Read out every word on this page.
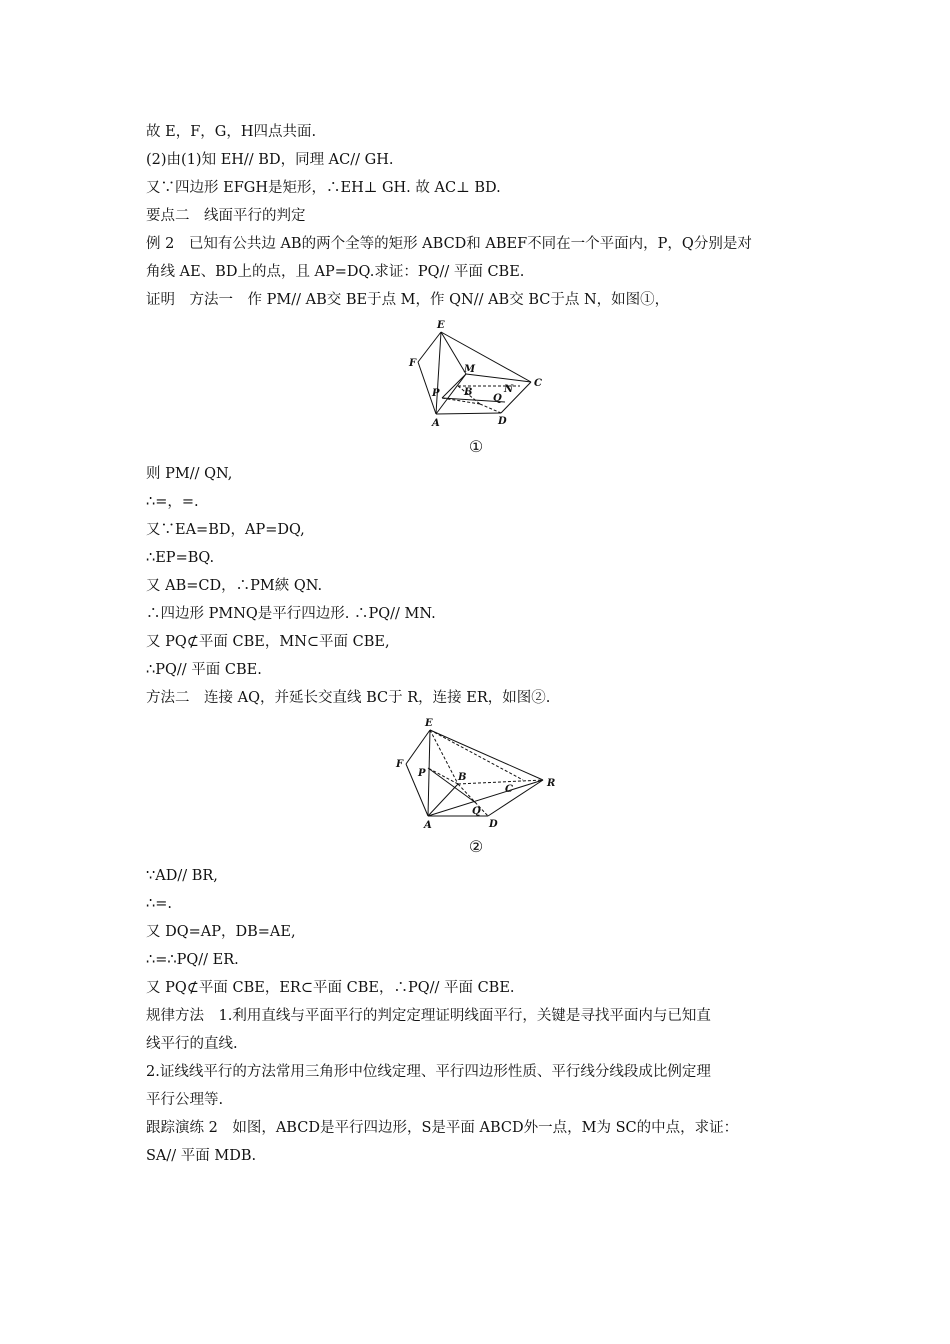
故 E，F，G，H四点共面.
(2)由(1)知 EH// BD，同理 AC// GH.
又∵四边形 EFGH是矩形，∴EH⊥ GH. 故 AC⊥ BD.
要点二　线面平行的判定
例 2　已知有公共边 AB的两个全等的矩形 ABCD和 ABEF不同在一个平面内，P，Q分别是对
角线 AE、BD上的点，且 AP=DQ.求证：PQ// 平面 CBE.
证明　方法一　作 PM// AB交 BE于点 M，作 QN// AB交 BC于点 N，如图①，
E
F
M
B	N
C
P	Q
A	D
①
则 PM// QN,
∴=，=.
又∵EA=BD，AP=DQ,
∴EP=BQ.
又 AB=CD，∴PM綊 QN.
∴四边形 PMNQ是平行四边形. ∴PQ// MN.
又 PQ⊄平面 CBE，MN⊂平面 CBE,
∴PQ// 平面 CBE.
方法二　连接 AQ，并延长交直线 BC于 R，连接 ER，如图②.
E
F
P	B
R
C
Q
A	D
②
∵AD// BR,
∴=.
又 DQ=AP，DB=AE,
∴=∴PQ// ER.
又 PQ⊄平面 CBE，ER⊂平面 CBE，∴PQ// 平面 CBE.
规律方法　1.利用直线与平面平行的判定定理证明线面平行，关键是寻找平面内与已知直
线平行的直线.
2.证线线平行的方法常用三角形中位线定理、平行四边形性质、平行线分线段成比例定理
平行公理等.
跟踪演练 2　如图，ABCD是平行四边形，S是平面 ABCD外一点，M为 SC的中点，求证：
SA// 平面 MDB.
